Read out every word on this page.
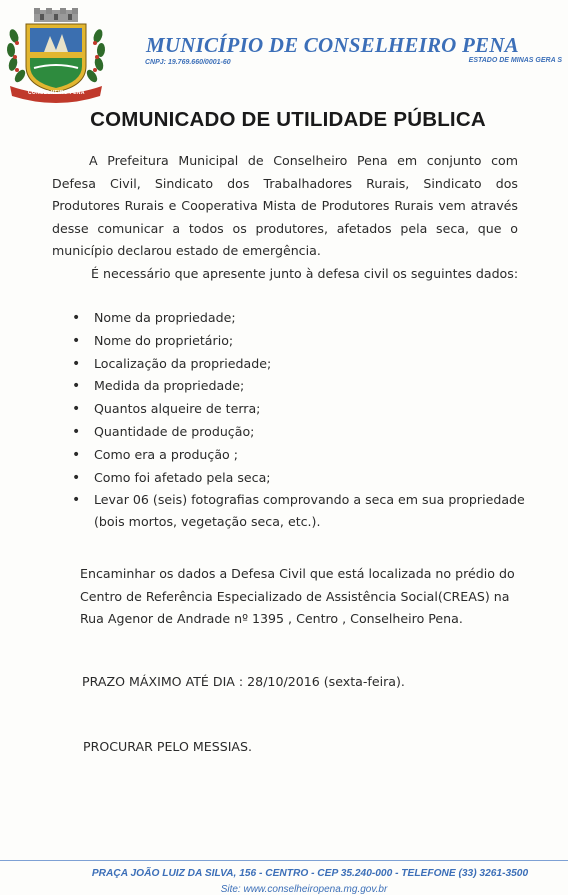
CONSELHEIRO PENA
MUNICÍPIO DE CONSELHEIRO PENA
CNPJ: 19.769.660/0001-60	ESTADO DE MINAS GERA S
COMUNICADO DE UTILIDADE PÚBLICA

A Prefeitura Municipal de Conselheiro Pena em conjunto com Defesa Civil, Sindicato dos Trabalhadores Rurais, Sindicato dos Produtores Rurais e Cooperativa Mista de Produtores Rurais vem através desse comunicar a todos os produtores, afetados pela seca, que o município declarou estado de emergência.

É necessário que apresente junto à defesa civil os seguintes dados:

• Nome da propriedade;
• Nome do proprietário;
• Localização da propriedade;
• Medida da propriedade;
• Quantos alqueire de terra;
• Quantidade de produção;
• Como era a produção ;
• Como foi afetado pela seca;
• Levar 06 (seis) fotografias comprovando a seca em sua propriedade (bois mortos, vegetação seca, etc.).

Encaminhar os dados a Defesa Civil que está localizada no prédio do Centro de Referência Especializado de Assistência Social(CREAS) na Rua Agenor de Andrade nº 1395 , Centro , Conselheiro Pena.

PRAZO MÁXIMO ATÉ DIA : 28/10/2016 (sexta-feira).

PROCURAR PELO MESSIAS.

PRAÇA JOÃO LUIZ DA SILVA, 156 - CENTRO - CEP 35.240-000 - TELEFONE (33) 3261-3500
Site: www.conselheiropena.mg.gov.br
